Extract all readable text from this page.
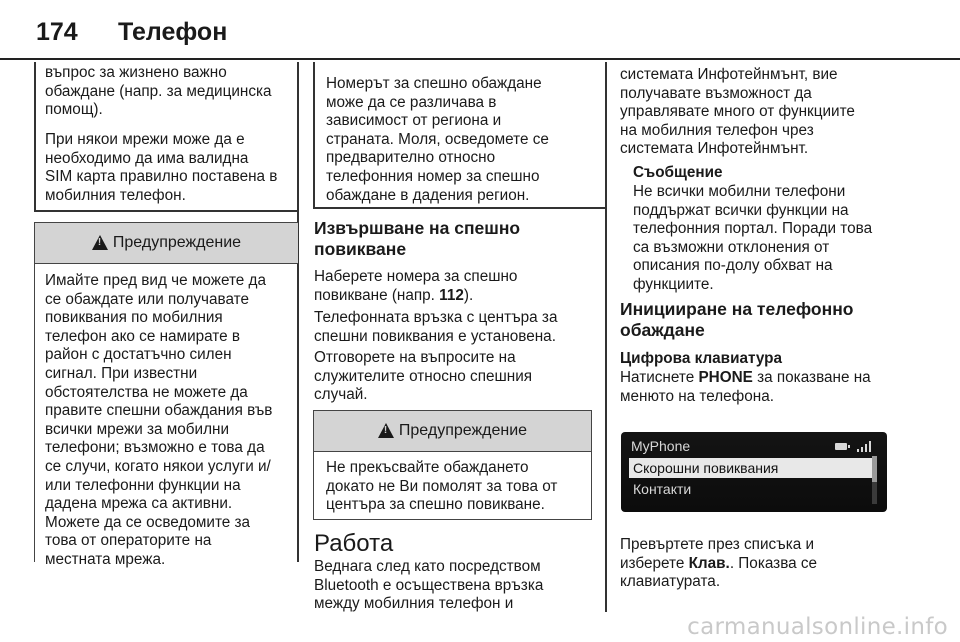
174 Телефон
въпрос за жизнено важно
обаждане (напр. за медицинска
помощ).
При някои мрежи може да е
необходимо да има валидна
SIM карта правилно поставена в
мобилния телефон.
!
Предупреждение
Имайте пред вид че можете да
се обаждате или получавате
повиквания по мобилния
телефон ако се намирате в
район с достатъчно силен
сигнал. При известни
обстоятелства не можете да
правите спешни обаждания във
всички мрежи за мобилни
телефони; възможно е това да
се случи, когато някои услуги и/
или телефонни функции на
дадена мрежа са активни.
Можете да се осведомите за
това от операторите на
местната мрежа.
Номерът за спешно обаждане
може да се различава в
зависимост от региона и
страната. Моля, осведомете се
предварително относно
телефонния номер за спешно
обаждане в дадения регион.
Извършване на спешно
повикване
Наберете номера за спешно
повикване (напр. 112).
Телефонната връзка с центъра за
спешни повиквания е установена.
Отговорете на въпросите на
служителите относно спешния
случай.
!
Предупреждение
Не прекъсвайте обаждането
докато не Ви помолят за това от
центъра за спешно повикване.
Работа
Веднага след като посредством
Bluetooth е осъществена връзка
между мобилния телефон и
системата Инфотейнмънт, вие
получавате възможност да
управлявате много от функциите
на мобилния телефон чрез
системата Инфотейнмънт.
Съобщение
Не всички мобилни телефони
поддържат всички функции на
телефонния портал. Поради това
са възможни отклонения от
описания по-долу обхват на
функциите.
Иницииране на телефонно
обаждане
Цифрова клавиатура
Натиснете PHONE за показване на
менюто на телефона.
MyPhone
Скорошни повиквания
Контакти
Превъртете през списъка и
изберете Клав.. Показва се
клавиатурата.
carmanualsonline.info
